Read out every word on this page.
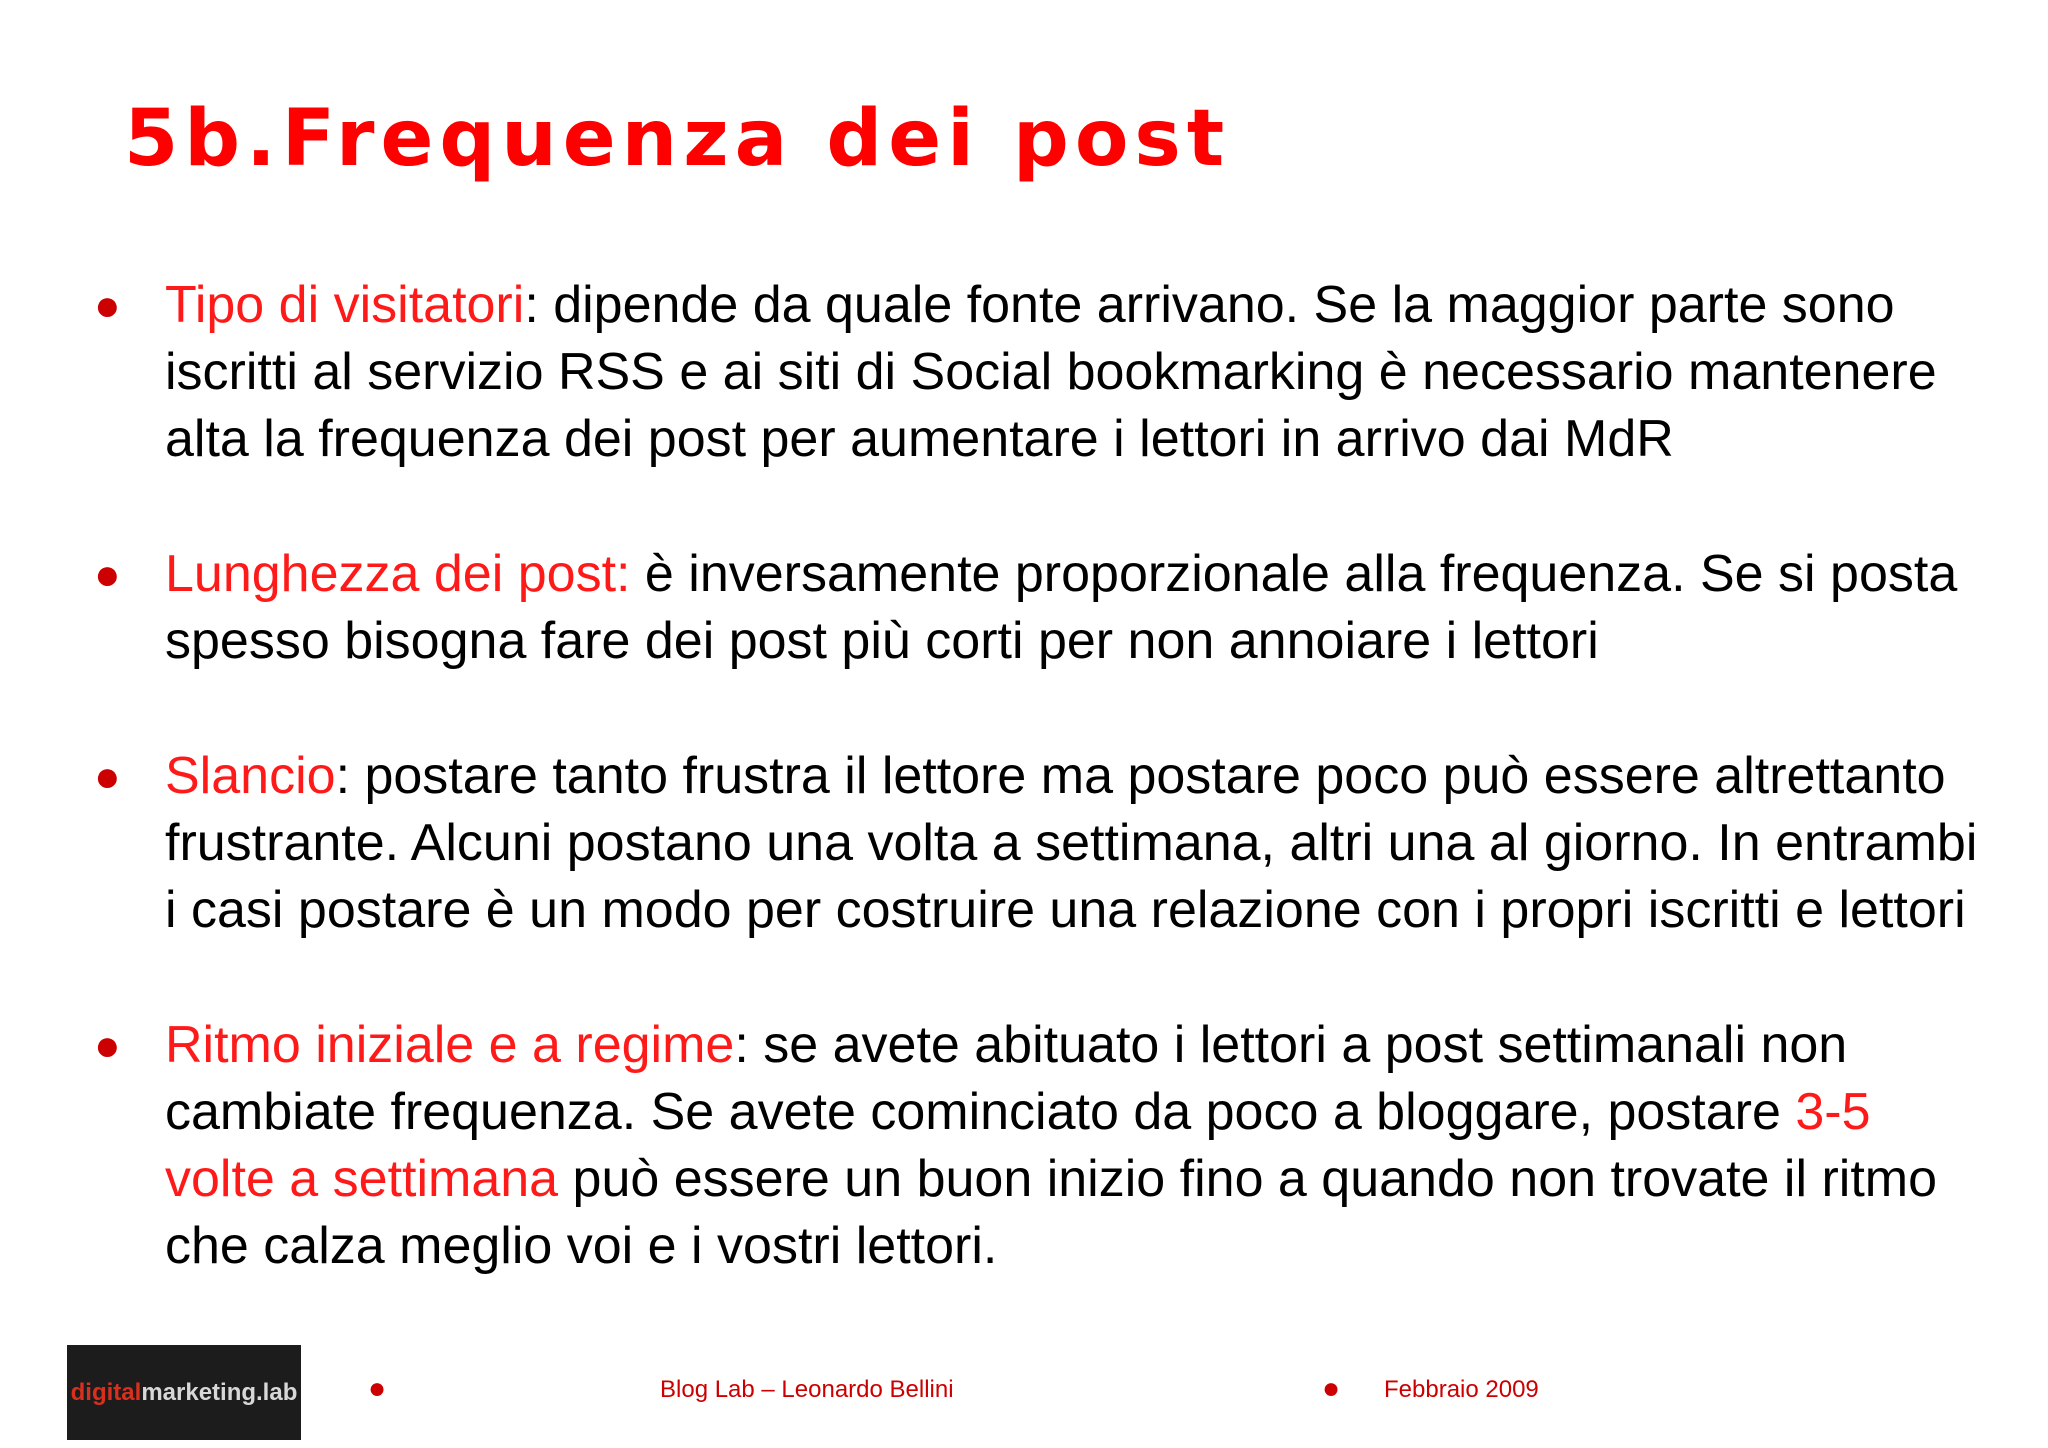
5b.Frequenza dei post
● Tipo di visitatori: dipende da quale fonte arrivano. Se la maggior parte sono iscritti al servizio RSS e ai siti di Social bookmarking è necessario mantenere alta la frequenza dei post per aumentare i lettori in arrivo dai MdR
● Lunghezza dei post: è inversamente proporzionale alla frequenza. Se si posta spesso bisogna fare dei post più corti per non annoiare i lettori
● Slancio: postare tanto frustra il lettore ma postare poco può essere altrettanto frustrante. Alcuni postano una volta a settimana, altri una al giorno. In entrambi i casi postare è un modo per costruire una relazione con i propri iscritti e lettori
● Ritmo iniziale e a regime: se avete abituato i lettori a post settimanali non cambiate frequenza. Se avete cominciato da poco a bloggare, postare 3-5 volte a settimana può essere un buon inizio fino a quando non trovate il ritmo che calza meglio voi e i vostri lettori.
digital marketing.lab ●	Blog Lab – Leonardo Bellini	● Febbraio 2009
